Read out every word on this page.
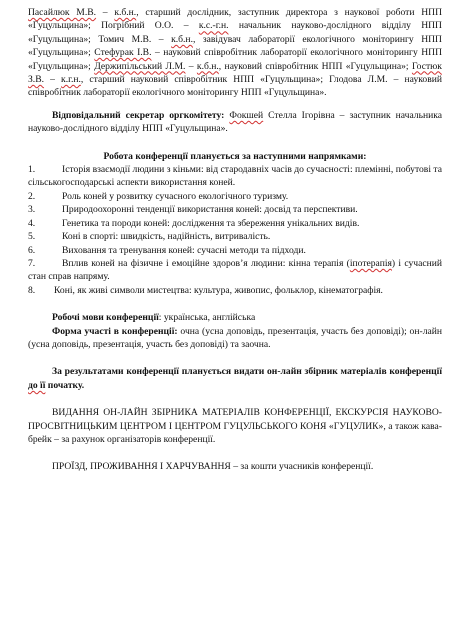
Пасайлюк М.В. – к.б.н., старший дослідник, заступник директора з наукової роботи НПП «Гуцульщина»; Погрібний О.О. – к.с.-г.н. начальник науково-дослідного відділу НПП «Гуцульщина»; Томич М.В. – к.б.н., завідувач лабораторії екологічного моніторингу НПП «Гуцульщина»; Стефурак І.В. – науковий співробітник лабораторії екологічного моніторингу НПП «Гуцульщина»; Держипільський Л.М. – к.б.н., науковий співробітник НПП «Гуцульщина»; Гостюк З.В. – к.г.н., старший науковий співробітник НПП «Гуцульщина»; Глодова Л.М. – науковий співробітник лабораторії екологічного моніторингу НПП «Гуцульщина».

Відповідальний секретар оргкомітету: Фокшей Стелла Ігорівна – заступник начальника науково-дослідного відділу НПП «Гуцульщина».

Робота конференції планується за наступними напрямками:

1.	Історія взаємодії людини з кіньми: від стародавніх часів до сучасності: племінні, побутові та сільськогосподарські аспекти використання коней.
2.	Роль коней у розвитку сучасного екологічного туризму.
3.	Природоохоронні тенденції використання коней: досвід та перспективи.
4.	Генетика та породи коней: дослідження та збереження унікальних видів.
5.	Коні в спорті: швидкість, надійність, витривалість.
6.	Виховання та тренування коней: сучасні методи та підходи.
7.	Вплив коней на фізичне і емоційне здоров’я людини: кінна терапія (іпотерапія) і сучасний стан справ напряму.
8. Коні, як живі символи мистецтва: культура, живопис, фольклор, кінематографія.

Робочі мови конференції: українська, англійська

Форма участі в конференції: очна (усна доповідь, презентація, участь без доповіді); он-лайн (усна доповідь, презентація, участь без доповіді) та заочна.

За результатами конференції планується видати он-лайн збірник матеріалів конференції до її початку.

ВИДАННЯ ОН-ЛАЙН ЗБІРНИКА МАТЕРІАЛІВ КОНФЕРЕНЦІЇ, ЕКСКУРСІЯ НАУКОВО-ПРОСВІТНИЦЬКИМ ЦЕНТРОМ І ЦЕНТРОМ ГУЦУЛЬСЬКОГО КОНЯ «ГУЦУЛИК», а також кава-брейк – за рахунок організаторів конференції.

ПРОЇЗД, ПРОЖИВАННЯ І ХАРЧУВАННЯ – за кошти учасників конференції.
